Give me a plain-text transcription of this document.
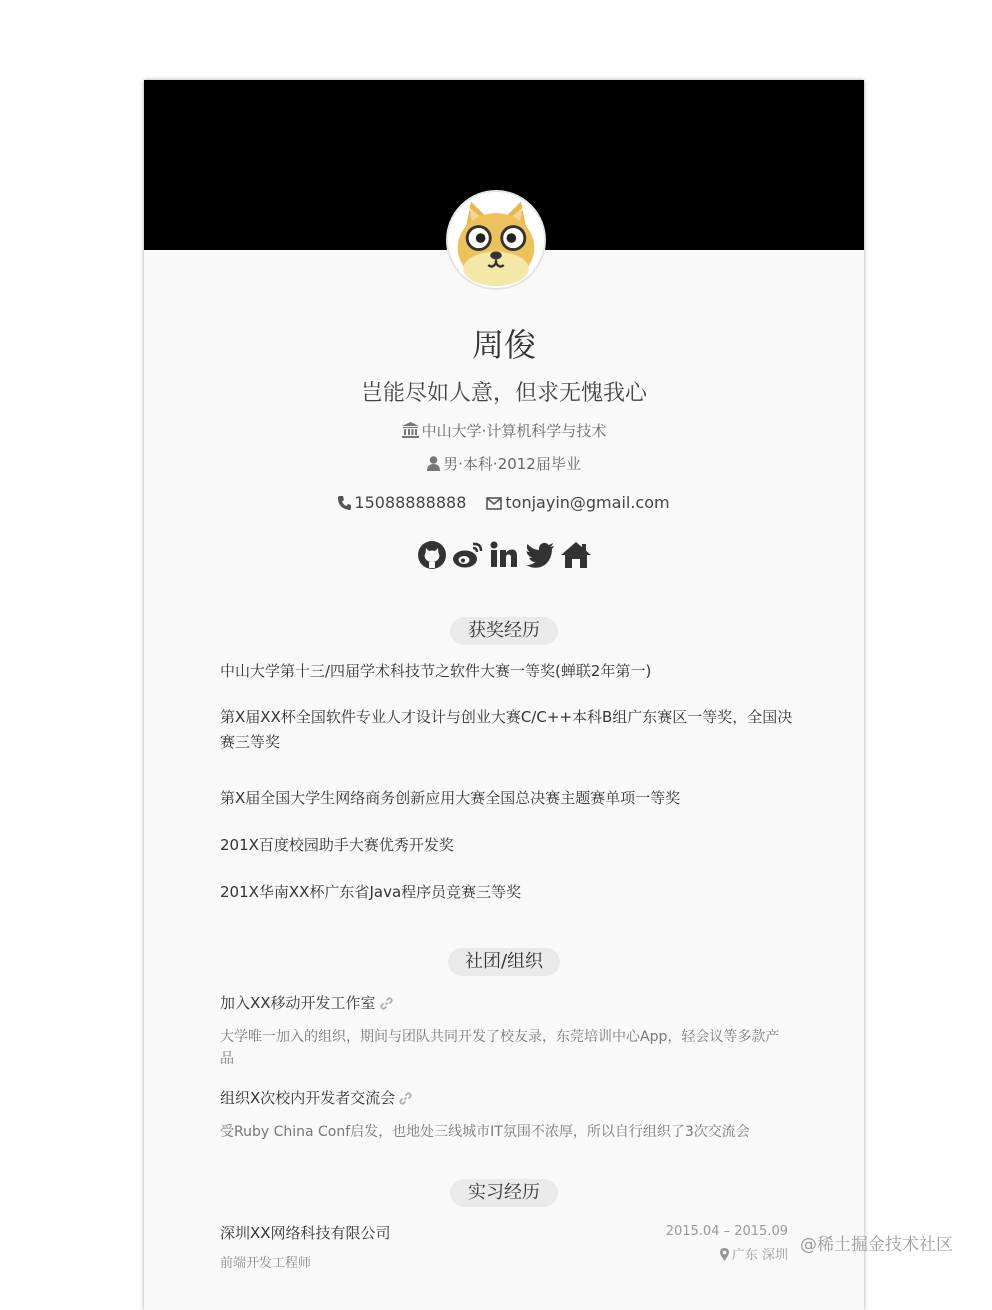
周俊
岂能尽如人意，但求无愧我心
中山大学·计算机科学与技术
男·本科·2012届毕业
15088888888 tonjayin@gmail.com
获奖经历
中山大学第十三/四届学术科技节之软件大赛一等奖(蝉联2年第一)
第X届XX杯全国软件专业人才设计与创业大赛C/C++本科B组广东赛区一等奖，全国决赛三等奖
第X届全国大学生网络商务创新应用大赛全国总决赛主题赛单项一等奖
201X百度校园助手大赛优秀开发奖
201X华南XX杯广东省Java程序员竞赛三等奖
社团/组织
加入XX移动开发工作室
大学唯一加入的组织，期间与团队共同开发了校友录，东莞培训中心App，轻会议等多款产品
组织X次校内开发者交流会
受Ruby China Conf启发，也地处三线城市IT氛围不浓厚，所以自行组织了3次交流会
实习经历
深圳XX网络科技有限公司
前端开发工程师
2015.04 – 2015.09
广东 深圳
@稀土掘金技术社区
